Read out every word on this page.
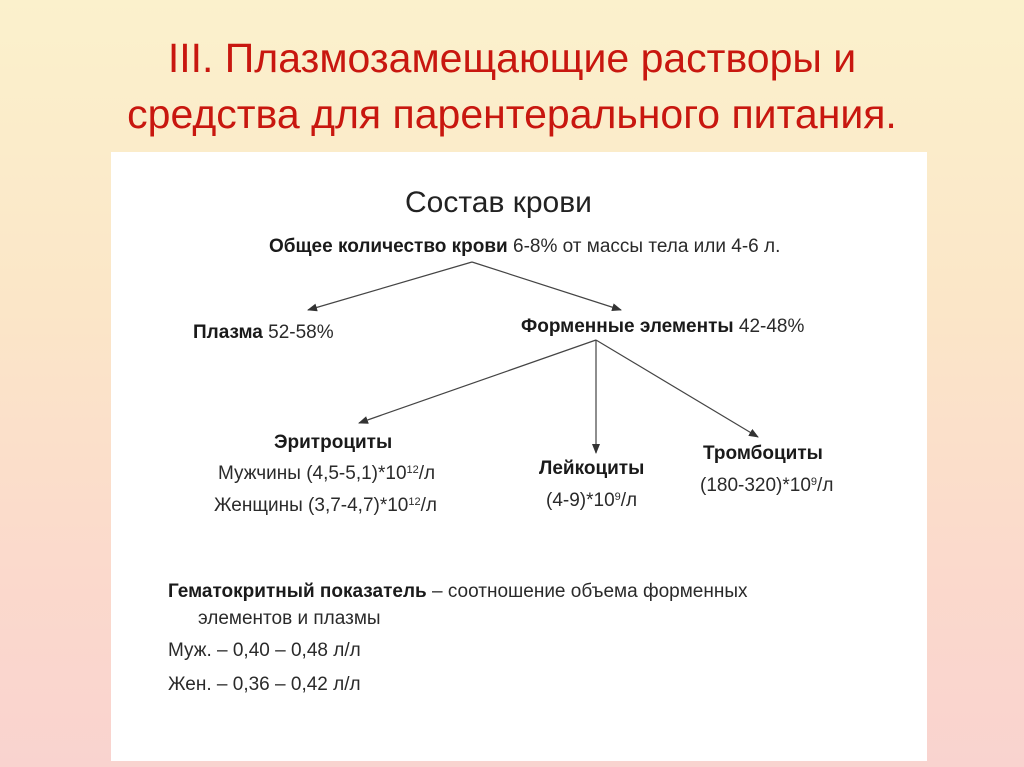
III. Плазмозамещающие растворы и
средства для парентерального питания.
Состав крови
Общее количество крови 6-8% от массы тела или 4-6 л.
Плазма 52-58%	Форменные элементы 42-48%
Эритроциты
Мужчины $(4,5-5,1)*10^{12}/л$
Женщины $(3,7-4,7)*10^{12}/л$
Лейкоциты
$(4-9)*10^9/л$
Тромбоциты
$(180-320)*10^9/л$
Гематокритный показатель – соотношение объема форменных
элементов и плазмы
Муж. – 0,40 – 0,48 л/л
Жен. – 0,36 – 0,42 л/л
